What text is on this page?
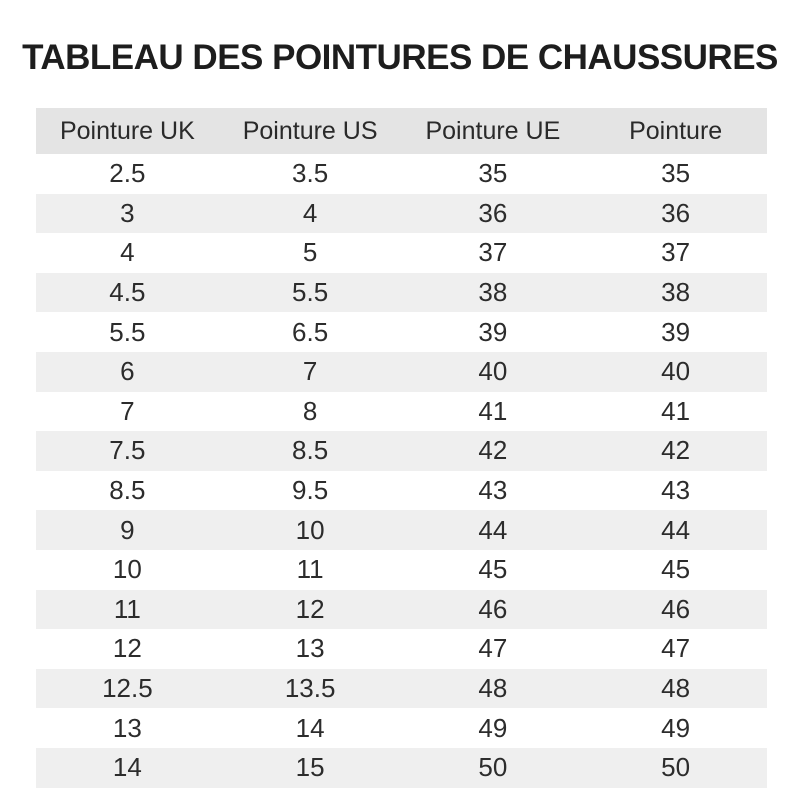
TABLEAU DES POINTURES DE CHAUSSURES
Pointure UK	Pointure US	Pointure UE	Pointure
2.5	3.5	35	35
3	4	36	36
4	5	37	37
4.5	5.5	38	38
5.5	6.5	39	39
6	7	40	40
7	8	41	41
7.5	8.5	42	42
8.5	9.5	43	43
9	10	44	44
10	11	45	45
11	12	46	46
12	13	47	47
12.5	13.5	48	48
13	14	49	49
14	15	50	50
